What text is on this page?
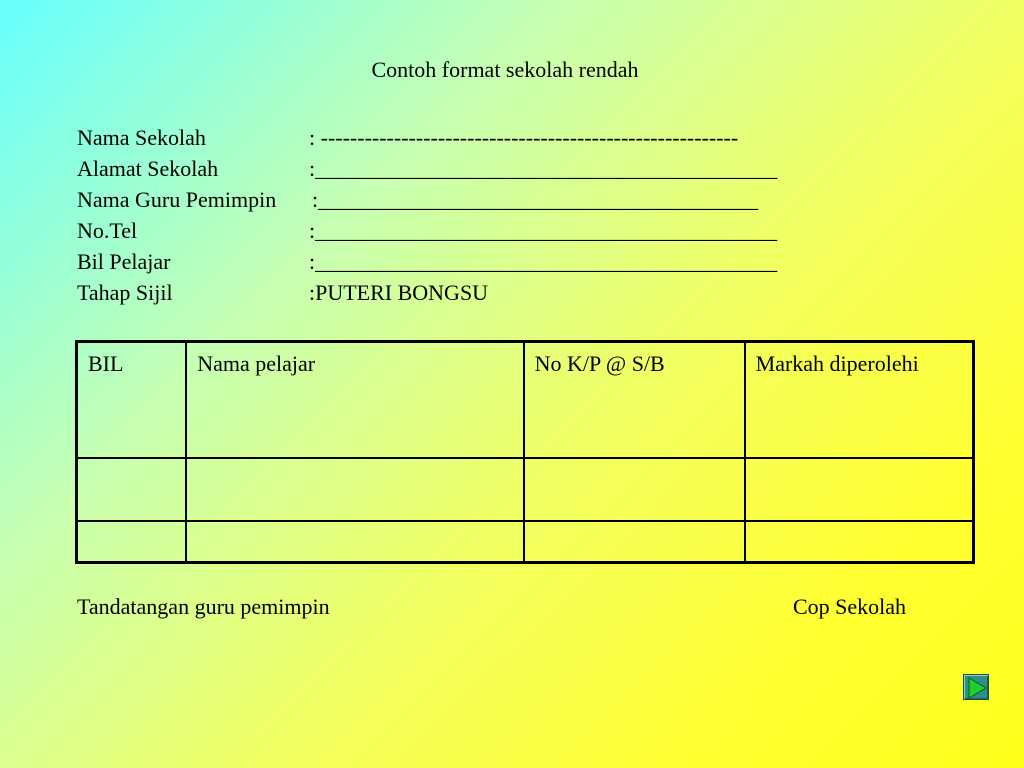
Contoh format sekolah rendah
Nama Sekolah	: ---------------------------------------------------------
Alamat Sekolah	:__________________________________________
Nama Guru Pemimpin :________________________________________
No.Tel	:__________________________________________
Bil Pelajar	:__________________________________________
Tahap Sijil	:PUTERI BONGSU
BIL	Nama pelajar	No K/P @ S/B	Markah diperolehi

Tandatangan guru pemimpin	Cop Sekolah
